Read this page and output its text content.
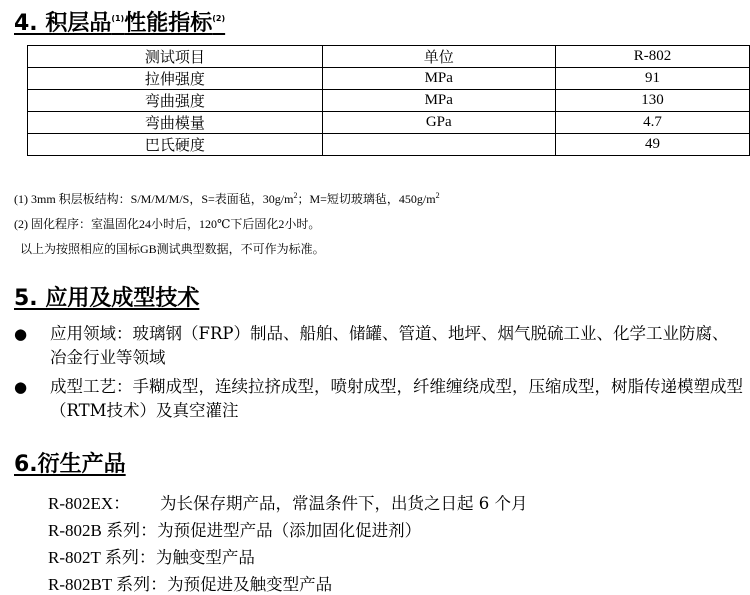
4. 积层品$^{(1)}$性能指标$^{(2)}$
测试项目	单位	R-802
拉伸强度	MPa	91
弯曲强度	MPa	130
弯曲模量	GPa	4.7
巴氏硬度		49
(1) 3mm 积层板结构：S/M/M/M/S，S=表面毡，$30g/m^2$；M=短切玻璃毡，$450g/m^2$
(2) 固化程序：室温固化24小时后，120℃下后固化2小时。
以上为按照相应的国标GB测试典型数据，不可作为标准。
5. 应用及成型技术
● 应用领域：玻璃钢（FRP）制品、船舶、储罐、管道、地坪、烟气脱硫工业、化学工业防腐、冶金行业等领域
● 成型工艺：手糊成型，连续拉挤成型，喷射成型，纤维缠绕成型，压缩成型，树脂传递模塑成型（RTM技术）及真空灌注
6.衍生产品
R-802EX： 为长保存期产品，常温条件下，出货之日起 6 个月
R-802B 系列：为预促进型产品（添加固化促进剂）
R-802T 系列：为触变型产品
R-802BT 系列：为预促进及触变型产品
